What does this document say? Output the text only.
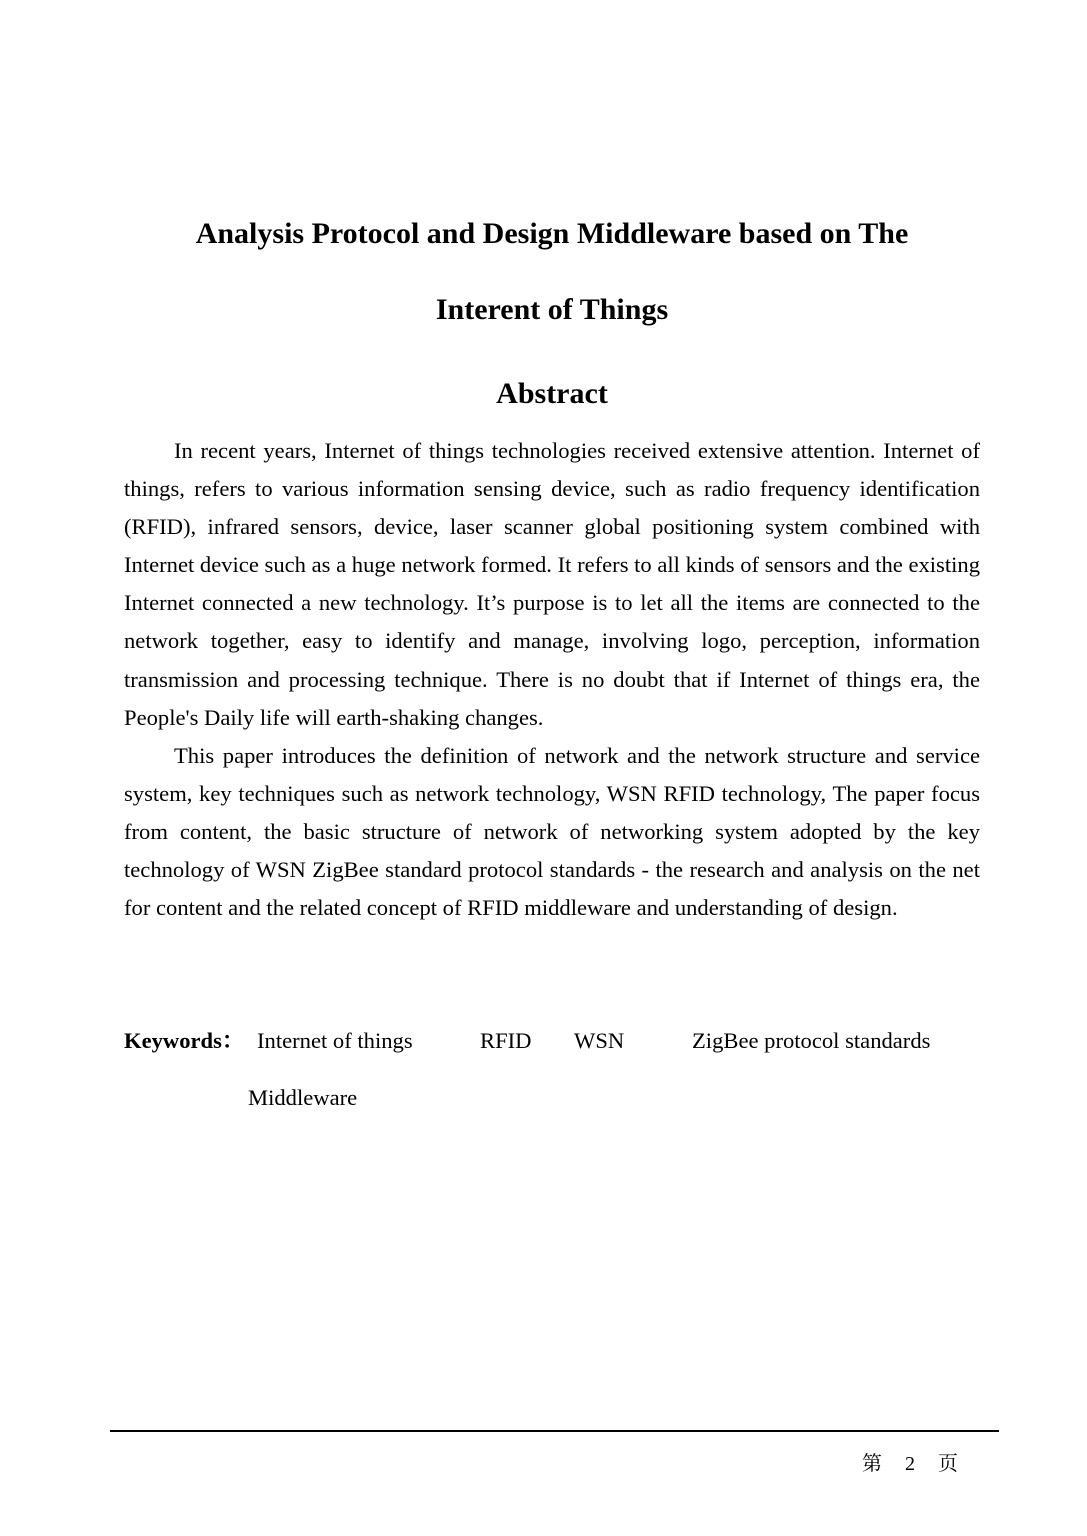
Analysis Protocol and Design Middleware based on The
Interent of Things
Abstract

In recent years, Internet of things technologies received extensive attention. Internet of things, refers to various information sensing device, such as radio frequency identification (RFID), infrared sensors, device, laser scanner global positioning system combined with Internet device such as a huge network formed. It refers to all kinds of sensors and the existing Internet connected a new technology. It’s purpose is to let all the items are connected to the network together, easy to identify and manage, involving logo, perception, information transmission and processing technique. There is no doubt that if Internet of things era, the People's Daily life will earth-shaking changes.

This paper introduces the definition of network and the network structure and service system, key techniques such as network technology, WSN RFID technology, The paper focus from content, the basic structure of network of networking system adopted by the key technology of WSN ZigBee standard protocol standards - the research and analysis on the net for content and the related concept of RFID middleware and understanding of design.

Keywords： Internet of things	RFID WSN	ZigBee protocol standards
Middleware
第 2 页
